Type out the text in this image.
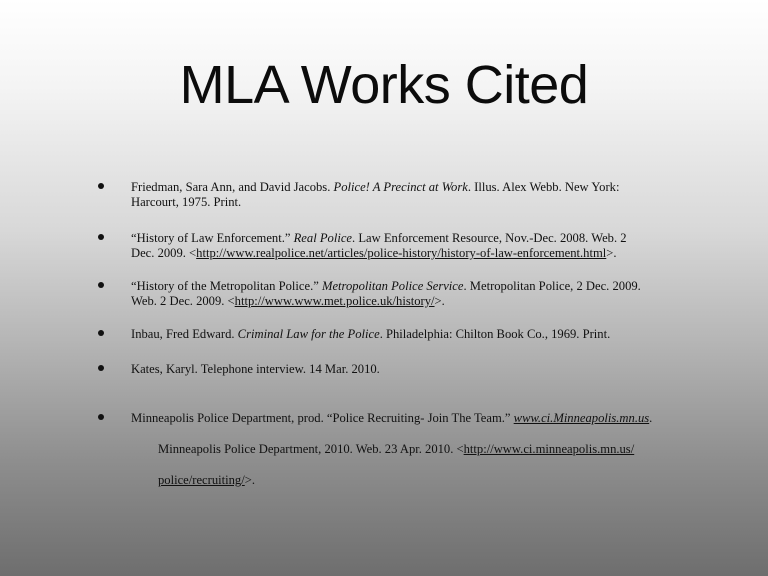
MLA Works Cited
Friedman, Sara Ann, and David Jacobs. Police! A Precinct at Work. Illus. Alex Webb. New York:
Harcourt, 1975. Print.
“History of Law Enforcement.” Real Police. Law Enforcement Resource, Nov.-Dec. 2008. Web. 2
Dec. 2009. <http://www.realpolice.net/articles/police-history/history-of-law-enforcement.html>.
“History of the Metropolitan Police.” Metropolitan Police Service. Metropolitan Police, 2 Dec. 2009.
Web. 2 Dec. 2009. <http://www.www.met.police.uk/history/>.
Inbau, Fred Edward. Criminal Law for the Police. Philadelphia: Chilton Book Co., 1969. Print.
Kates, Karyl. Telephone interview. 14 Mar. 2010.
Minneapolis Police Department, prod. “Police Recruiting- Join The Team.” www.ci.Minneapolis.mn.us.
Minneapolis Police Department, 2010. Web. 23 Apr. 2010. <http://www.ci.minneapolis.mn.us/
police/recruiting/>.
